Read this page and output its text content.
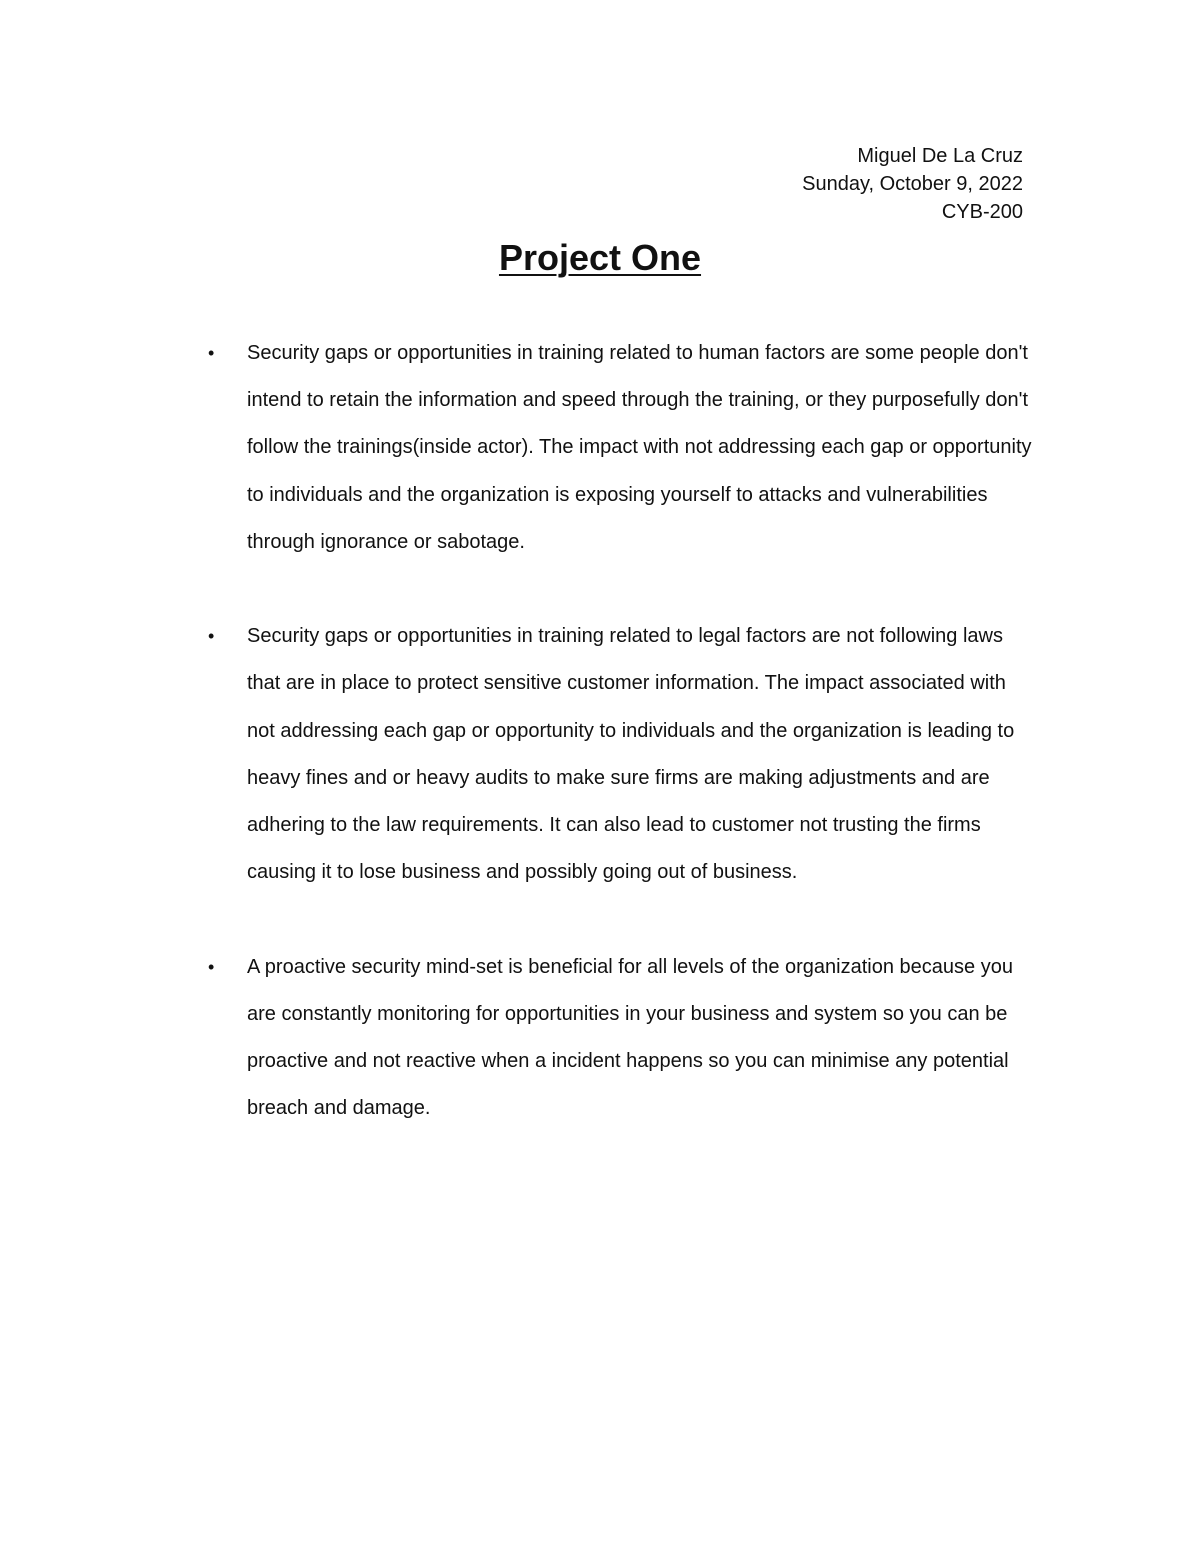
Miguel De La Cruz
Sunday, October 9, 2022
CYB-200
Project One
• Security gaps or opportunities in training related to human factors are some people don't intend to retain the information and speed through the training, or they purposefully don't follow the trainings(inside actor). The impact with not addressing each gap or opportunity to individuals and the organization is exposing yourself to attacks and vulnerabilities through ignorance or sabotage.
• Security gaps or opportunities in training related to legal factors are not following laws that are in place to protect sensitive customer information. The impact associated with not addressing each gap or opportunity to individuals and the organization is leading to heavy fines and or heavy audits to make sure firms are making adjustments and are adhering to the law requirements. It can also lead to customer not trusting the firms causing it to lose business and possibly going out of business.
• A proactive security mind-set is beneficial for all levels of the organization because you are constantly monitoring for opportunities in your business and system so you can be proactive and not reactive when a incident happens so you can minimise any potential breach and damage.
